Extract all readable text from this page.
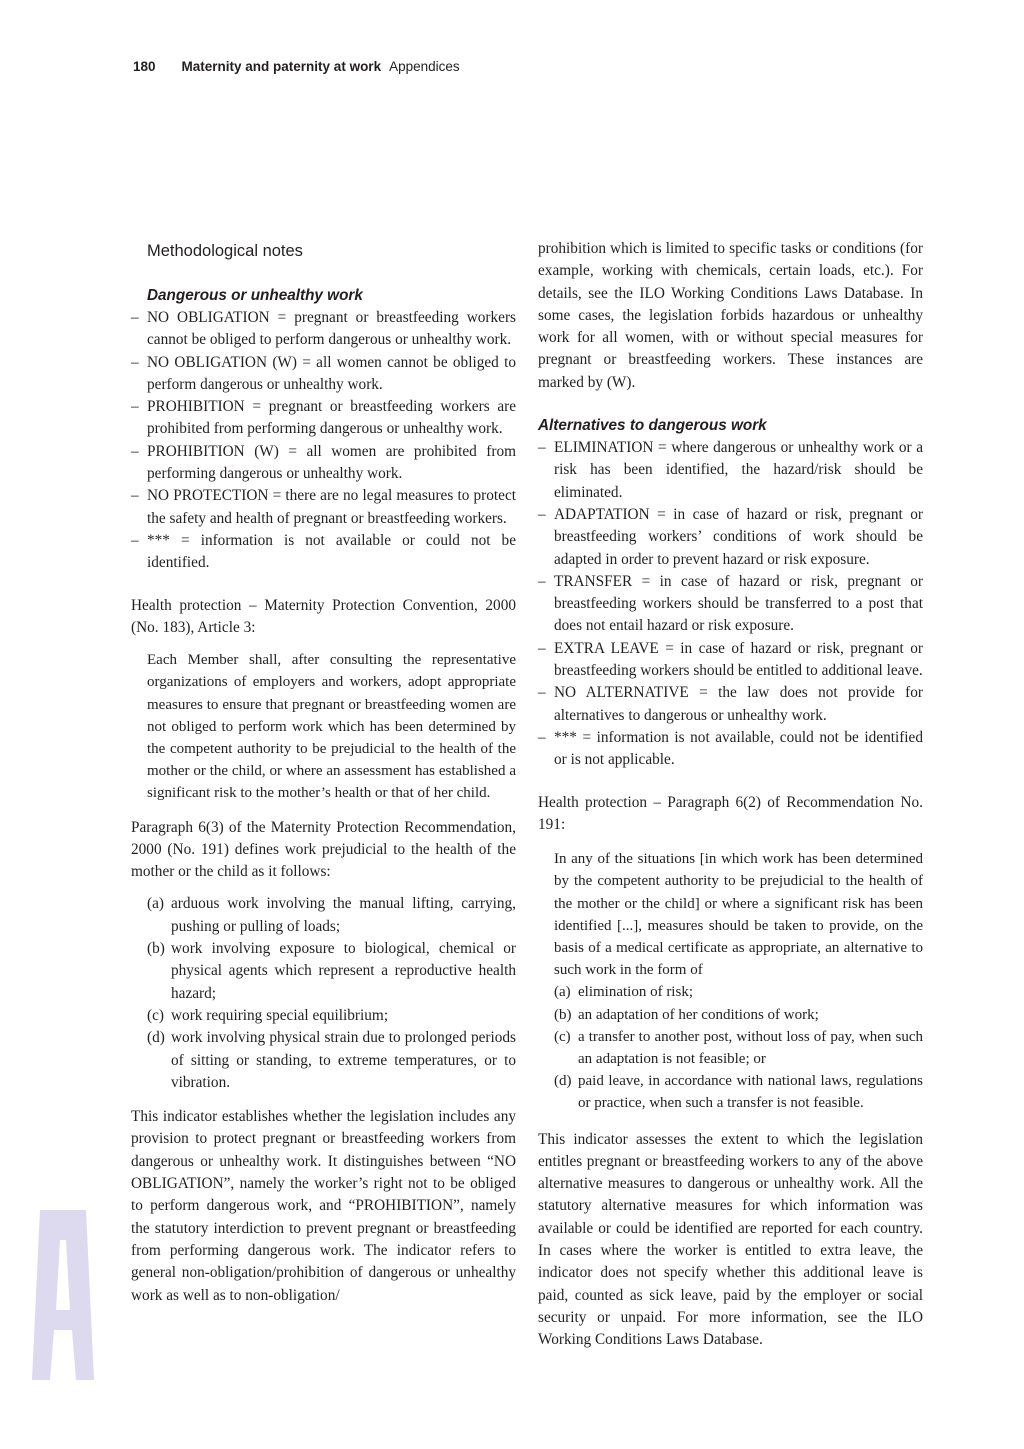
180 Maternity and paternity at work Appendices
Methodological notes
Dangerous or unhealthy work
– NO OBLIGATION = pregnant or breastfeeding workers cannot be obliged to perform dangerous or unhealthy work.
– NO OBLIGATION (W) = all women cannot be obliged to perform dangerous or unhealthy work.
– PROHIBITION = pregnant or breastfeeding workers are prohibited from performing dangerous or unhealthy work.
– PROHIBITION (W) = all women are prohibited from performing dangerous or unhealthy work.
– NO PROTECTION = there are no legal measures to protect the safety and health of pregnant or breastfeeding workers.
– *** = information is not available or could not be identified.

Health protection – Maternity Protection Convention, 2000 (No. 183), Article 3:

Each Member shall, after consulting the representative organizations of employers and workers, adopt appropriate measures to ensure that pregnant or breastfeeding women are not obliged to perform work which has been determined by the competent authority to be prejudicial to the health of the mother or the child, or where an assessment has established a significant risk to the mother’s health or that of her child.

Paragraph 6(3) of the Maternity Protection Recommendation, 2000 (No. 191) defines work prejudicial to the health of the mother or the child as it follows:

(a) arduous work involving the manual lifting, carrying, pushing or pulling of loads;
(b) work involving exposure to biological, chemical or physical agents which represent a reproductive health hazard;
(c) work requiring special equilibrium;
(d) work involving physical strain due to prolonged periods of sitting or standing, to extreme temperatures, or to vibration.

This indicator establishes whether the legislation includes any provision to protect pregnant or breastfeeding workers from dangerous or unhealthy work. It distinguishes between “NO OBLIGATION”, namely the worker’s right not to be obliged to perform dangerous work, and “PROHIBITION”, namely the statutory interdiction to prevent pregnant or breastfeeding from performing dangerous work. The indicator refers to general non-obligation/prohibition of dangerous or unhealthy work as well as to non-obligation/

prohibition which is limited to specific tasks or conditions (for example, working with chemicals, certain loads, etc.). For details, see the ILO Working Conditions Laws Database. In some cases, the legislation forbids hazardous or unhealthy work for all women, with or without special measures for pregnant or breastfeeding workers. These instances are marked by (W).

Alternatives to dangerous work
– ELIMINATION = where dangerous or unhealthy work or a risk has been identified, the hazard/risk should be eliminated.
– ADAPTATION = in case of hazard or risk, pregnant or breastfeeding workers’ conditions of work should be adapted in order to prevent hazard or risk exposure.
– TRANSFER = in case of hazard or risk, pregnant or breastfeeding workers should be transferred to a post that does not entail hazard or risk exposure.
– EXTRA LEAVE = in case of hazard or risk, pregnant or breastfeeding workers should be entitled to additional leave.
– NO ALTERNATIVE = the law does not provide for alternatives to dangerous or unhealthy work.
– *** = information is not available, could not be identified or is not applicable.

Health protection – Paragraph 6(2) of Recommendation No. 191:

In any of the situations [in which work has been determined by the competent authority to be prejudicial to the health of the mother or the child] or where a significant risk has been identified [...], measures should be taken to provide, on the basis of a medical certificate as appropriate, an alternative to such work in the form of

(a) elimination of risk;
(b) an adaptation of her conditions of work;
(c) a transfer to another post, without loss of pay, when such an adaptation is not feasible; or
(d) paid leave, in accordance with national laws, regulations or practice, when such a transfer is not feasible.

This indicator assesses the extent to which the legislation entitles pregnant or breastfeeding workers to any of the above alternative measures to dangerous or unhealthy work. All the statutory alternative measures for which information was available or could be identified are reported for each country. In cases where the worker is entitled to extra leave, the indicator does not specify whether this additional leave is paid, counted as sick leave, paid by the employer or social security or unpaid. For more information, see the ILO Working Conditions Laws Database.
